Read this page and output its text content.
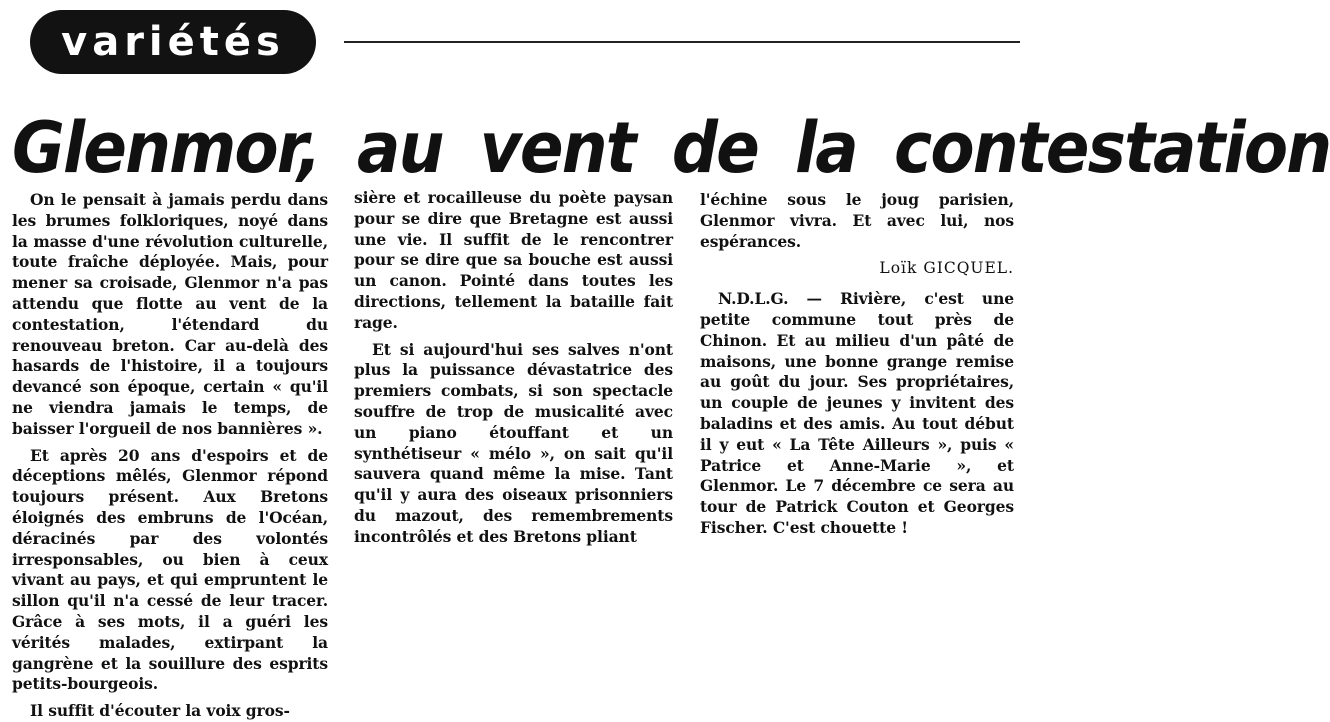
variétés
Glenmor, au vent de la contestation

On le pensait à jamais perdu dans les brumes folkloriques, noyé dans la masse d'une révolution culturelle, toute fraîche déployée. Mais, pour mener sa croisade, Glenmor n'a pas attendu que flotte au vent de la contestation, l'étendard du renouveau breton. Car au-delà des hasards de l'histoire, il a toujours devancé son époque, certain « qu'il ne viendra jamais le temps, de baisser l'orgueil de nos bannières ».

Et après 20 ans d'espoirs et de déceptions mêlés, Glenmor répond toujours présent. Aux Bretons éloignés des embruns de l'Océan, déracinés par des volontés irresponsables, ou bien à ceux vivant au pays, et qui empruntent le sillon qu'il n'a cessé de leur tracer. Grâce à ses mots, il a guéri les vérités malades, extirpant la gangrène et la souillure des esprits petits-bourgeois.

Il suffit d'écouter la voix gros-

sière et rocailleuse du poète paysan pour se dire que Bretagne est aussi une vie. Il suffit de le rencontrer pour se dire que sa bouche est aussi un canon. Pointé dans toutes les directions, tellement la bataille fait rage.

Et si aujourd'hui ses salves n'ont plus la puissance dévastatrice des premiers combats, si son spectacle souffre de trop de musicalité avec un piano étouffant et un synthétiseur « mélo », on sait qu'il sauvera quand même la mise. Tant qu'il y aura des oiseaux prisonniers du mazout, des remembrements incontrôlés et des Bretons pliant

l'échine sous le joug parisien, Glenmor vivra. Et avec lui, nos espérances.

Loïk GICQUEL.

N.D.L.G. — Rivière, c'est une petite commune tout près de Chinon. Et au milieu d'un pâté de maisons, une bonne grange remise au goût du jour. Ses propriétaires, un couple de jeunes y invitent des baladins et des amis. Au tout début il y eut « La Tête Ailleurs », puis « Patrice et Anne-Marie », et Glenmor. Le 7 décembre ce sera au tour de Patrick Couton et Georges Fischer. C'est chouette !
